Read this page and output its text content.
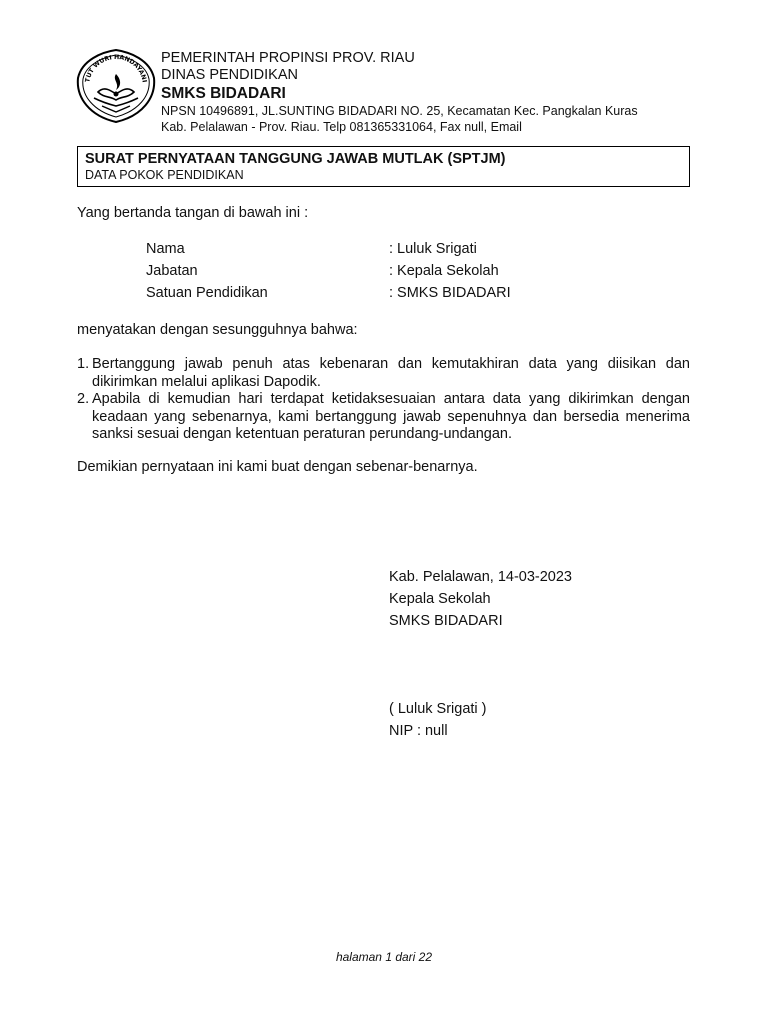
TUT WURI HANDAYANI
PEMERINTAH PROPINSI PROV. RIAU
DINAS PENDIDIKAN
SMKS BIDADARI
NPSN 10496891, JL.SUNTING BIDADARI NO. 25, Kecamatan Kec. Pangkalan Kuras
Kab. Pelalawan - Prov. Riau. Telp 081365331064, Fax null, Email
SURAT PERNYATAAN TANGGUNG JAWAB MUTLAK (SPTJM)
DATA POKOK PENDIDIKAN
Yang bertanda tangan di bawah ini :
Nama	: Luluk Srigati
Jabatan	: Kepala Sekolah
Satuan Pendidikan	: SMKS BIDADARI
menyatakan dengan sesungguhnya bahwa:
1. Bertanggung jawab penuh atas kebenaran dan kemutakhiran data yang diisikan dan dikirimkan melalui aplikasi Dapodik.
2. Apabila di kemudian hari terdapat ketidaksesuaian antara data yang dikirimkan dengan keadaan yang sebenarnya, kami bertanggung jawab sepenuhnya dan bersedia menerima sanksi sesuai dengan ketentuan peraturan perundang-undangan.
Demikian pernyataan ini kami buat dengan sebenar-benarnya.
Kab. Pelalawan, 14-03-2023
Kepala Sekolah
SMKS BIDADARI
( Luluk Srigati )
NIP : null
halaman 1 dari 22
